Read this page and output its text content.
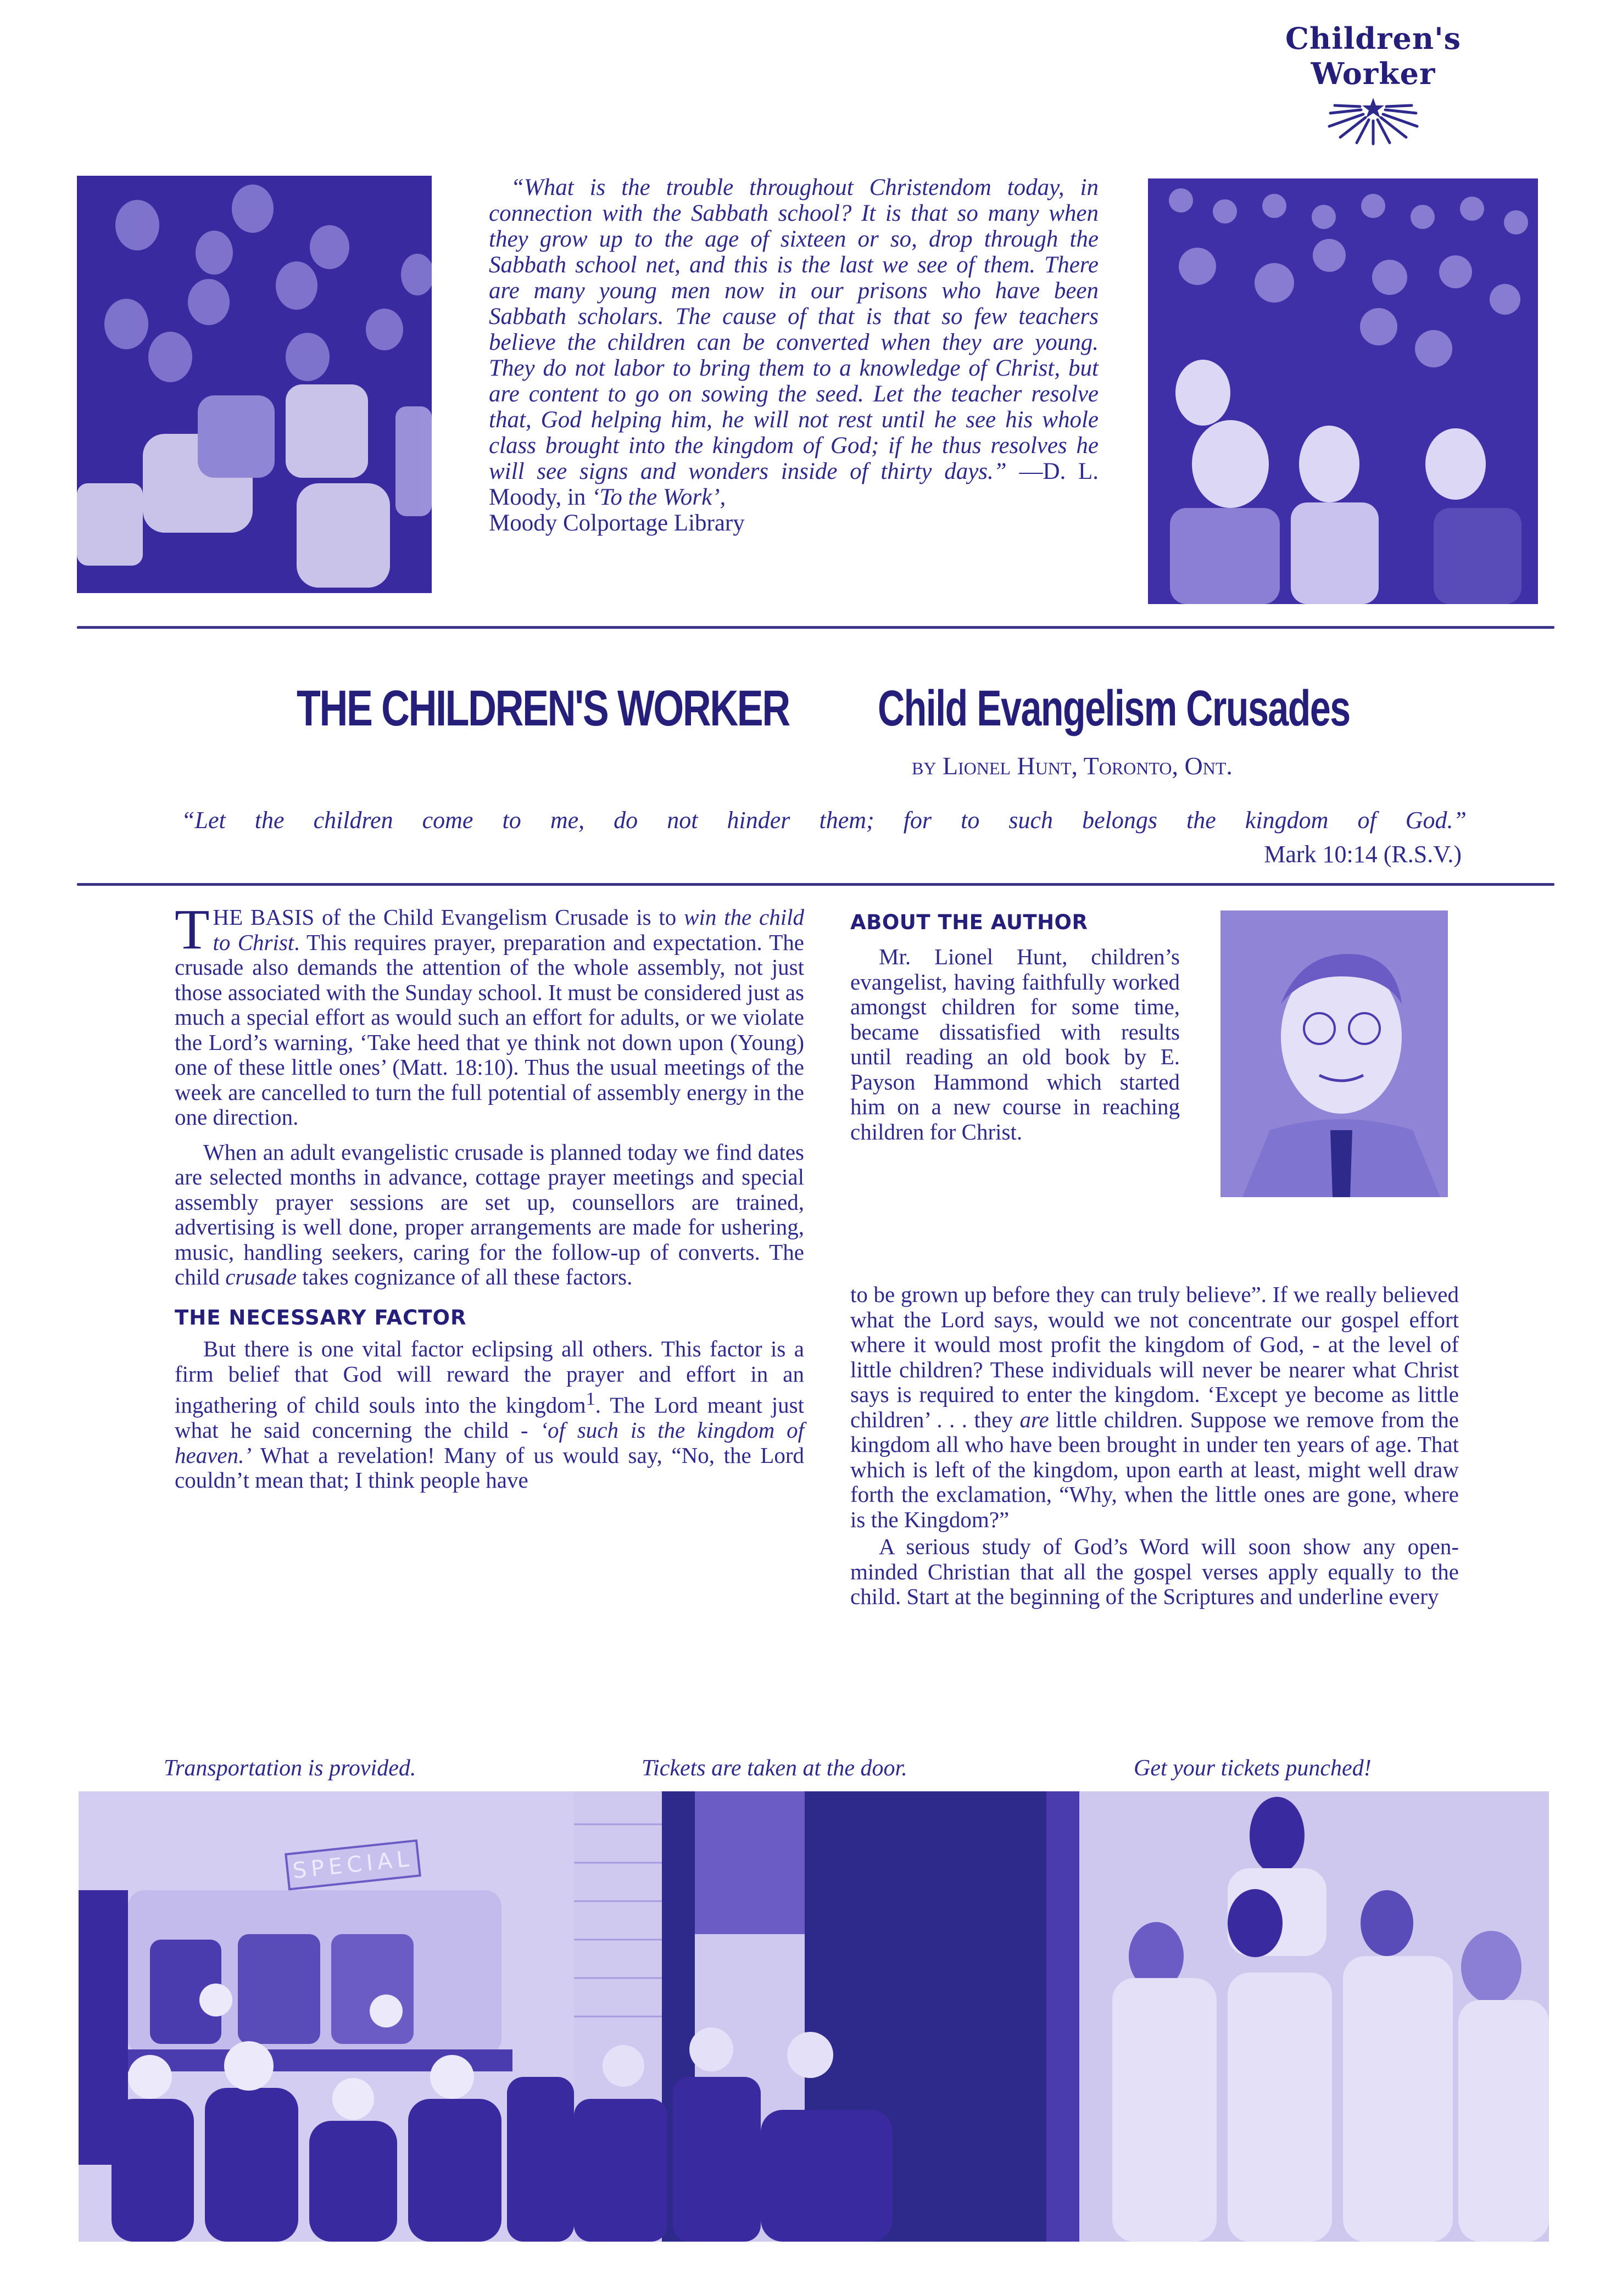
Children's Worker

“What is the trouble throughout Christendom today, in connection with the Sabbath school? It is that so many when they grow up to the age of sixteen or so, drop through the Sabbath school net, and this is the last we see of them. There are many young men now in our prisons who have been Sabbath scholars. The cause of that is that so few teachers believe the children can be converted when they are young. They do not labor to bring them to a knowledge of Christ, but are content to go on sowing the seed. Let the teacher resolve that, God helping him, he will not rest until he see his whole class brought into the kingdom of God; if he thus resolves he will see signs and wonders inside of thirty days.” —D. L. Moody, in ‘To the Work’,

Moody Colportage Library
THE CHILDREN'S WORKER Child Evangelism Crusades
by Lionel Hunt, Toronto, Ont.
“Let the children come to me, do not hinder them; for to such belongs the kingdom of God.”
Mark 10:14 (R.S.V.)

THE BASIS of the Child Evangelism Crusade is to win the child to Christ. This requires prayer, preparation and expectation. The crusade also demands the attention of the whole assembly, not just those associated with the Sunday school. It must be considered just as much a special effort as would such an effort for adults, or we violate the Lord’s warning, ‘Take heed that ye think not down upon (Young) one of these little ones’ (Matt. 18:10). Thus the usual meetings of the week are cancelled to turn the full potential of assembly energy in the one direction.

When an adult evangelistic crusade is planned today we find dates are selected months in advance, cottage prayer meetings and special assembly prayer sessions are set up, counsellors are trained, advertising is well done, proper arrangements are made for ushering, music, handling seekers, caring for the follow-up of converts. The child crusade takes cognizance of all these factors.

THE NECESSARY FACTOR

But there is one vital factor eclipsing all others. This factor is a firm belief that God will reward the prayer and effort in an ingathering of child souls into the kingdom$^1$. The Lord meant just what he said concerning the child - ‘of such is the kingdom of heaven.’ What a revelation! Many of us would say, “No, the Lord couldn’t mean that; I think people have

ABOUT THE AUTHOR

Mr. Lionel Hunt, children’s evangelist, having faithfully worked amongst children for some time, became dissatisfied with results until reading an old book by E. Payson Hammond which started him on a new course in reaching children for Christ.

to be grown up before they can truly believe”. If we really believed what the Lord says, would we not concentrate our gospel effort where it would most profit the kingdom of God, - at the level of little children? These individuals will never be nearer what Christ says is required to enter the kingdom. ‘Except ye become as little children’ . . . they are little children. Suppose we remove from the kingdom all who have been brought in under ten years of age. That which is left of the kingdom, upon earth at least, might well draw forth the exclamation, “Why, when the little ones are gone, where is the Kingdom?”

A serious study of God’s Word will soon show any open-minded Christian that all the gospel verses apply equally to the child. Start at the beginning of the Scriptures and underline every

Transportation is provided.	Tickets are taken at the door.	Get your tickets punched!
SPECIAL
